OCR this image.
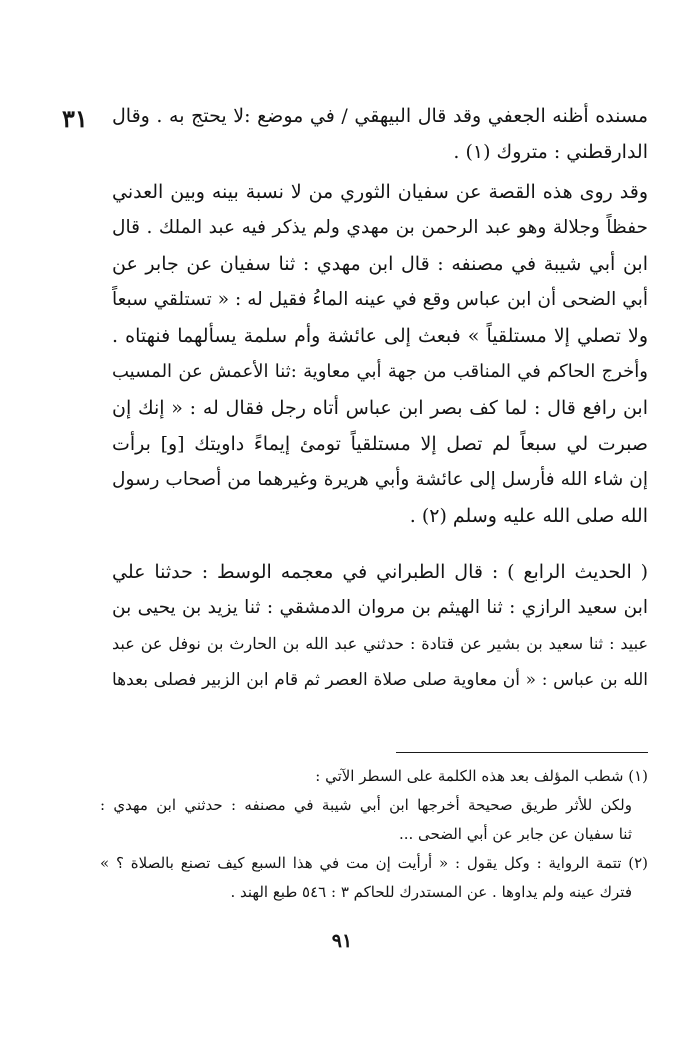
٣١ مسنده أظنه الجعفي وقد قال البيهقي / في موضع :لا يحتج به . وقال
الدارقطني : متروك (١) .
وقد روى هذه القصة عن سفيان الثوري من لا نسبة بينه وبين العدني
حفظاً وجلالة وهو عبد الرحمن بن مهدي ولم يذكر فيه عبد الملك . قال
ابن أبي شيبة في مصنفه : قال ابن مهدي : ثنا سفيان عن جابر عن
أبي الضحى أن ابن عباس وقع في عينه الماءُ فقيل له : « تستلقي سبعاً
ولا تصلي إلا مستلقياً » فبعث إلى عائشة وأم سلمة يسألهما فنهتاه .
وأخرج الحاكم في المناقب من جهة أبي معاوية :ثنا الأعمش عن المسيب
ابن رافع قال : لما كف بصر ابن عباس أتاه رجل فقال له : « إنك إن
صبرت لي سبعاً لم تصل إلا مستلقياً تومئ إيماءً داويتك [و] برأت
إن شاء الله فأرسل إلى عائشة وأبي هريرة وغيرهما من أصحاب رسول
الله صلى الله عليه وسلم (٢) .
( الحديث الرابع ) : قال الطبراني في معجمه الوسط : حدثنا علي
ابن سعيد الرازي : ثنا الهيثم بن مروان الدمشقي : ثنا يزيد بن يحيى بن
عبيد : ثنا سعيد بن بشير عن قتادة : حدثني عبد الله بن الحارث بن نوفل عن عبد
الله بن عباس : « أن معاوية صلى صلاة العصر ثم قام ابن الزبير فصلى بعدها
(١) شطب المؤلف بعد هذه الكلمة على السطر الآتي :
ولكن للأثر طريق صحيحة أخرجها ابن أبي شيبة في مصنفه : حدثني ابن مهدي :
ثنا سفيان عن جابر عن أبي الضحى ...
(٢) تتمة الرواية : وكل يقول : « أرأيت إن مت في هذا السبع كيف تصنع بالصلاة ؟ »
فترك عينه ولم يداوها . عن المستدرك للحاكم ٣ : ٥٤٦ طبع الهند .
٩١
